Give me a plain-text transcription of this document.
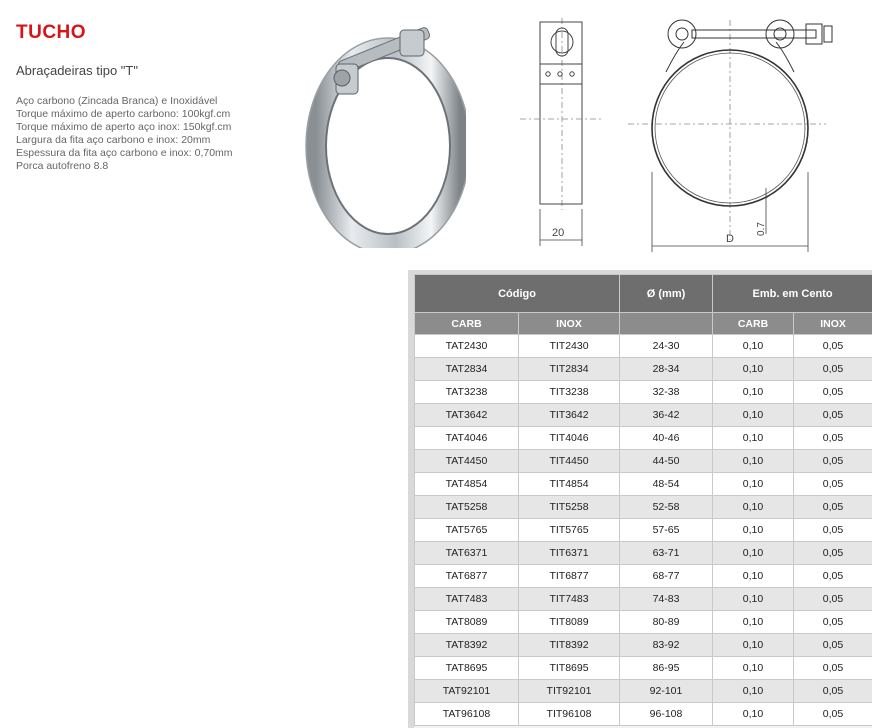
TUCHO
Abraçadeiras tipo "T"
Aço carbono (Zincada Branca) e Inoxidável
Torque máximo de aperto carbono: 100kgf.cm
Torque máximo de aperto aço inox: 150kgf.cm
Largura da fita aço carbono e inox: 20mm
Espessura da fita aço carbono e inox: 0,70mm
Porca autofreno 8.8
20	D
0.7
Código		Ø (mm)	Emb. em Cento	
CARB	INOX		CARB	INOX
TAT2430	TIT2430	24-30	0,10	0,05
TAT2834	TIT2834	28-34	0,10	0,05
TAT3238	TIT3238	32-38	0,10	0,05
TAT3642	TIT3642	36-42	0,10	0,05
TAT4046	TIT4046	40-46	0,10	0,05
TAT4450	TIT4450	44-50	0,10	0,05
TAT4854	TIT4854	48-54	0,10	0,05
TAT5258	TIT5258	52-58	0,10	0,05
TAT5765	TIT5765	57-65	0,10	0,05
TAT6371	TIT6371	63-71	0,10	0,05
TAT6877	TIT6877	68-77	0,10	0,05
TAT7483	TIT7483	74-83	0,10	0,05
TAT8089	TIT8089	80-89	0,10	0,05
TAT8392	TIT8392	83-92	0,10	0,05
TAT8695	TIT8695	86-95	0,10	0,05
TAT92101	TIT92101	92-101	0,10	0,05
TAT96108	TIT96108	96-108	0,10	0,05
